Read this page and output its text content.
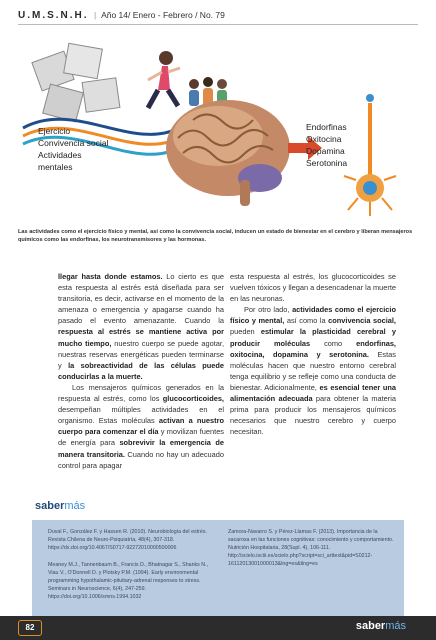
U.M.S.N.H. | Año 14/ Enero - Febrero / No. 79
Ejercicio
Convivencia social
Actividades
mentales
Endorfinas
Oxitocina
Dopamina
Serotonina
Las actividades como el ejercicio físico y mental, así como la convivencia social, inducen un estado de bienestar en el cerebro y liberan mensajeros químicos como las endorfinas, los neurotransmisores y las hormonas.

llegar hasta donde estamos. Lo cierto es que esta respuesta al estrés está diseñada para ser transitoria, es decir, activarse en el momento de la amenaza o emergencia y apagarse cuando ha pasado el evento amenazante. Cuando la respuesta al estrés se mantiene activa por mucho tiempo, nuestro cuerpo se puede agotar, nuestras reservas energéticas pueden terminarse y la sobreactividad de las células puede conducirlas a la muerte.

Los mensajeros químicos generados en la respuesta al estrés, como los glucocorticoides, desempeñan múltiples actividades en el organismo. Estas moléculas activan a nuestro cuerpo para comenzar el día y movilizan fuentes de energía para sobrevivir la emergencia de manera transitoria. Cuando no hay un adecuado control para apagar

esta respuesta al estrés, los glucocorticoides se vuelven tóxicos y llegan a desencadenar la muerte en las neuronas.

Por otro lado, actividades como el ejercicio físico y mental, así como la convivencia social, pueden estimular la plasticidad cerebral y producir moléculas como endorfinas, oxitocina, dopamina y serotonina. Estas moléculas hacen que nuestro entorno cerebral tenga equilibrio y se refleje como una conducta de bienestar. Adicionalmente, es esencial tener una alimentación adecuada para obtener la materia prima para producir los mensajeros químicos necesarios que nuestro cerebro y cuerpo necesitan.

sabermás

Duval F., González F. y Hassen R. (2010). Neurobiología del estrés. Revista Chilena de Neuro-Psiquiatría, 48(4), 307-318. https://dx.doi.org/10.4067/S0717-92272010000500006

Meaney M.J., Tannenbaum B., Francis D., Bhatnagar S., Shanks N., Viau V., O'Donnell D. y Plotsky P.M. (1994). Early environmental programming hypothalamic-pituitary-adrenal responses to stress. Seminars in Neuroscience, 6(4), 247-259. https://doi.org/10.1006/smns.1994.1032

Zamora-Navarro S. y Pérez-Llamas F. (2013). Importancia de la sacarosa en las funciones cognitivas: conocimiento y comportamiento. Nutrición Hospitalaria, 28(Supl. 4), 106-111. http://scielo.isciii.es/scielo.php?script=sci_arttext&pid=S0212-16112013001000013&lng=es&tlng=es

82	sabermás
